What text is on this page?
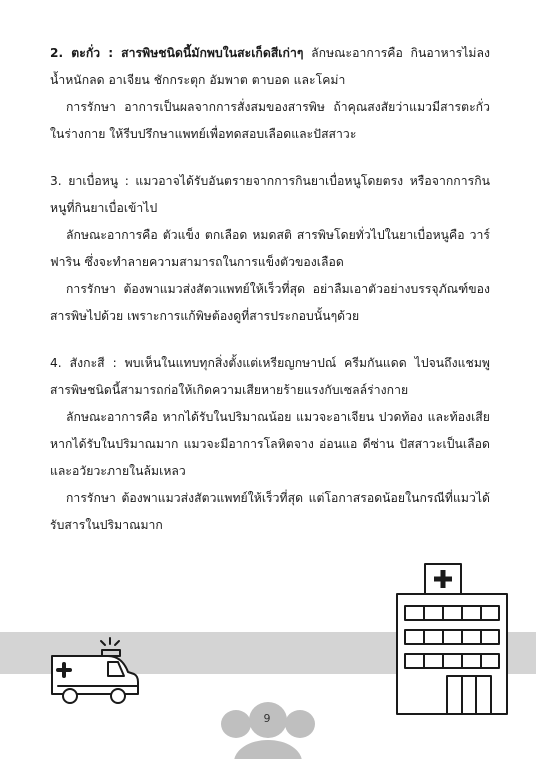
2. ตะกั่ว : สารพิษชนิดนี้มักพบในสะเก็ดสีเก่าๆ ลักษณะอาการคือ กินอาหารไม่ลง น้ำหนักลด อาเจียน ชักกระตุก อัมพาต ตาบอด และโคม่า

การรักษา อาการเป็นผลจากการสั่งสมของสารพิษ ถ้าคุณสงสัยว่าแมวมีสารตะกั่วในร่างกาย ให้รีบปรึกษาแพทย์เพื่อทดสอบเลือดและปัสสาวะ

3. ยาเบื่อหนู : แมวอาจได้รับอันตรายจากการกินยาเบื่อหนูโดยตรง หรือจากการกินหนูที่กินยาเบื่อเข้าไป

ลักษณะอาการคือ ตัวแข็ง ตกเลือด หมดสติ สารพิษโดยทั่วไปในยาเบื่อหนูคือ วาร์ฟาริน ซึ่งจะทำลายความสามารถในการแข็งตัวของเลือด

การรักษา ต้องพาแมวส่งสัตวแพทย์ให้เร็วที่สุด อย่าลืมเอาตัวอย่างบรรจุภัณฑ์ของสารพิษไปด้วย เพราะการแก้พิษต้องดูที่สารประกอบนั้นๆด้วย

4. สังกะสี : พบเห็นในแทบทุกสิ่งตั้งแต่เหรียญกษาปณ์ ครีมกันแดด ไปจนถึงแชมพู สารพิษชนิดนี้สามารถก่อให้เกิดความเสียหายร้ายแรงกับเซลล์ร่างกาย

ลักษณะอาการคือ หากได้รับในปริมาณน้อย แมวจะอาเจียน ปวดท้อง และท้องเสีย หากได้รับในปริมาณมาก แมวจะมีอาการโลหิตจาง อ่อนแอ ดีซ่าน ปัสสาวะเป็นเลือด และอวัยวะภายในล้มเหลว

การรักษา ต้องพาแมวส่งสัตวแพทย์ให้เร็วที่สุด แต่โอกาสรอดน้อยในกรณีที่แมวได้รับสารในปริมาณมาก

9
